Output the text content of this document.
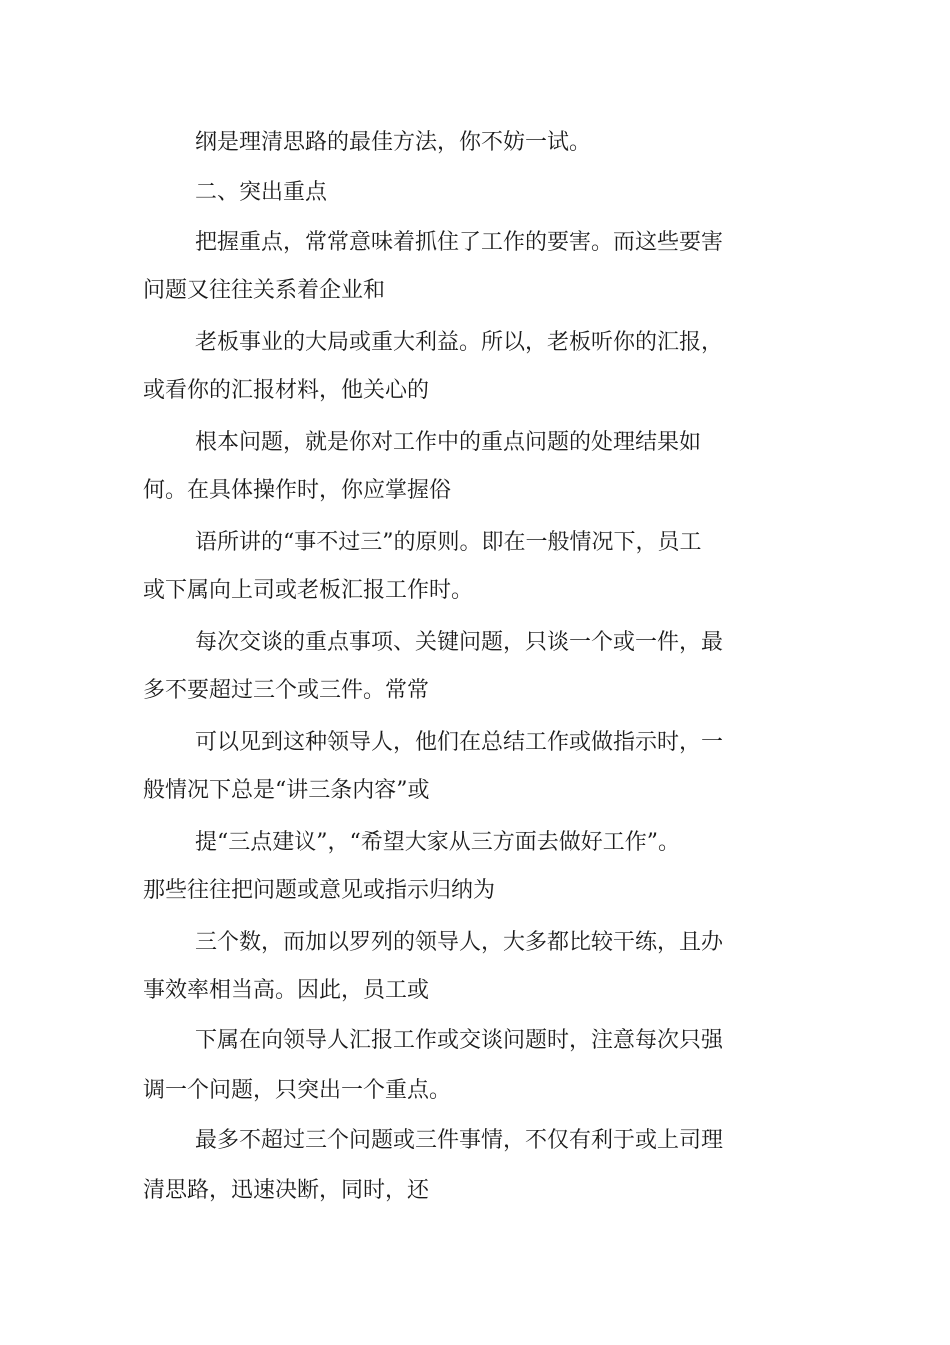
纲是理清思路的最佳方法，你不妨一试。
二、突出重点
把握重点，常常意味着抓住了工作的要害。而这些要害
问题又往往关系着企业和
老板事业的大局或重大利益。所以，老板听你的汇报，
或看你的汇报材料，他关心的
根本问题，就是你对工作中的重点问题的处理结果如
何。在具体操作时，你应掌握俗
语所讲的“事不过三”的原则。即在一般情况下，员工
或下属向上司或老板汇报工作时。
每次交谈的重点事项、关键问题，只谈一个或一件，最
多不要超过三个或三件。常常
可以见到这种领导人，他们在总结工作或做指示时，一
般情况下总是“讲三条内容”或
提“三点建议”，“希望大家从三方面去做好工作”。
那些往往把问题或意见或指示归纳为
三个数，而加以罗列的领导人，大多都比较干练，且办
事效率相当高。因此，员工或
下属在向领导人汇报工作或交谈问题时，注意每次只强
调一个问题，只突出一个重点。
最多不超过三个问题或三件事情，不仅有利于或上司理
清思路，迅速决断，同时，还
